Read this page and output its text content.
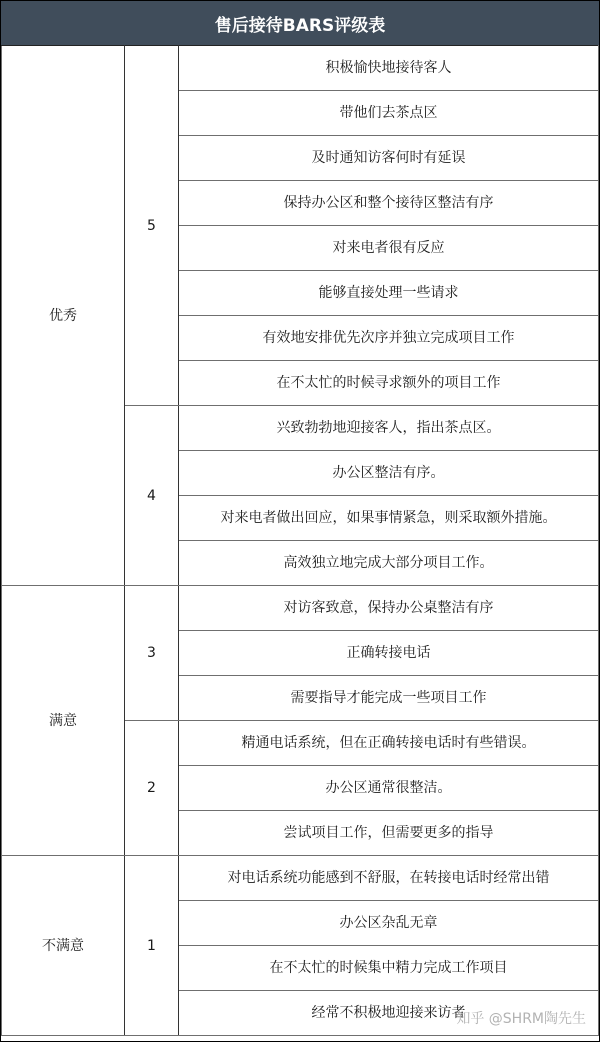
售后接待BARS评级表
优秀	5	积极愉快地接待客人
		带他们去茶点区
		及时通知访客何时有延误
		保持办公区和整个接待区整洁有序
		对来电者很有反应
		能够直接处理一些请求
		有效地安排优先次序并独立完成项目工作
		在不太忙的时候寻求额外的项目工作
	4	兴致勃勃地迎接客人，指出茶点区。
		办公区整洁有序。
		对来电者做出回应，如果事情紧急，则采取额外措施。
		高效独立地完成大部分项目工作。
满意	3	对访客致意，保持办公桌整洁有序
		正确转接电话
		需要指导才能完成一些项目工作
	2	精通电话系统，但在正确转接电话时有些错误。
		办公区通常很整洁。
		尝试项目工作，但需要更多的指导
不满意	1	对电话系统功能感到不舒服，在转接电话时经常出错
		办公区杂乱无章
		在不太忙的时候集中精力完成工作项目
		经常不积极地迎接来访者
知乎 @SHRM陶先生
